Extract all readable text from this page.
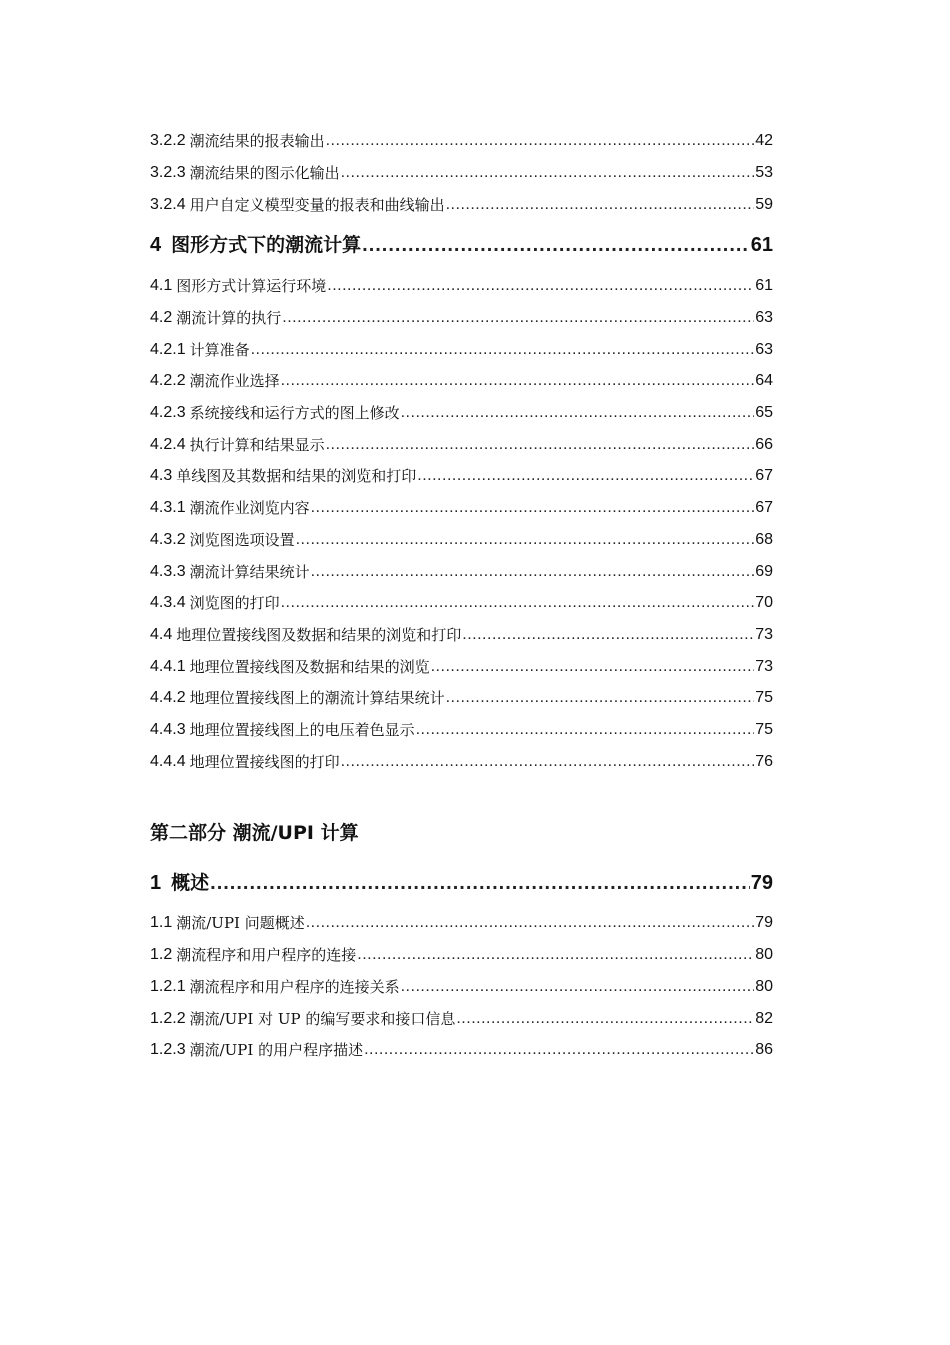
3.2.2 潮流结果的报表输出 .....	42
3.2.3 潮流结果的图示化输出 .....	53
3.2.4 用户自定义模型变量的报表和曲线输出 .....	59
4 图形方式下的潮流计算 .....	61
4.1 图形方式计算运行环境 .....	61
4.2 潮流计算的执行 .....	63
4.2.1 计算准备 .....	63
4.2.2 潮流作业选择 .....	64
4.2.3 系统接线和运行方式的图上修改 .....	65
4.2.4 执行计算和结果显示 .....	66
4.3 单线图及其数据和结果的浏览和打印 .....	67
4.3.1 潮流作业浏览内容 .....	67
4.3.2 浏览图选项设置 .....	68
4.3.3 潮流计算结果统计 .....	69
4.3.4 浏览图的打印 .....	70
4.4 地理位置接线图及数据和结果的浏览和打印 .....	73
4.4.1 地理位置接线图及数据和结果的浏览 .....	73
4.4.2 地理位置接线图上的潮流计算结果统计 .....	75
4.4.3 地理位置接线图上的电压着色显示 .....	75
4.4.4 地理位置接线图的打印 .....	76
第二部分 潮流/UPI 计算
1 概述 .....	79
1.1 潮流/UPI 问题概述 .....	79
1.2 潮流程序和用户程序的连接 .....	80
1.2.1 潮流程序和用户程序的连接关系 .....	80
1.2.2 潮流/UPI 对 UP 的编写要求和接口信息 .....	82
1.2.3 潮流/UPI 的用户程序描述 .....	86
